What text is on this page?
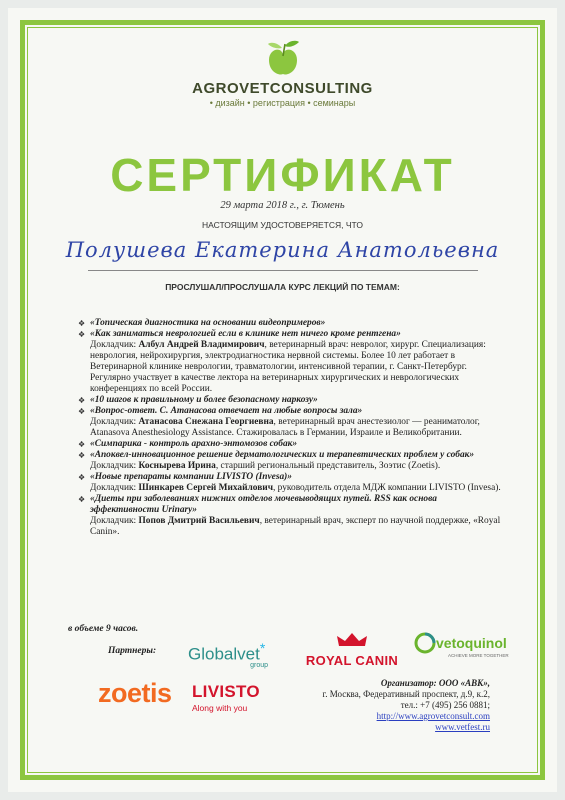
AGROVETCONSULTING
• дизайн • регистрация • семинары
СЕРТИФИКАТ
29 марта 2018 г., г. Тюмень
НАСТОЯЩИМ УДОСТОВЕРЯЕТСЯ, ЧТО
Полушева Екатерина Анатольевна
ПРОСЛУШАЛ/ПРОСЛУШАЛА КУРС ЛЕКЦИЙ ПО ТЕМАМ:
❖ «Топическая диагностика на основании видеопримеров»
❖ «Как заниматься неврологией если в клинике нет ничего кроме рентгена»
Докладчик: Албул Андрей Владимирович, ветеринарный врач: невролог, хирург. Специализация: неврология, нейрохирургия, электродиагностика нервной системы. Более 10 лет работает в Ветеринарной клинике неврологии, травматологии, интенсивной терапии, г. Санкт-Петербург. Регулярно участвует в качестве лектора на ветеринарных хирургических и неврологических конференциях по всей России.
❖ «10 шагов к правильному и более безопасному наркозу»
❖ «Вопрос-ответ. С. Атанасова отвечает на любые вопросы зала»
Докладчик: Атанасова Снежана Георгиевна, ветеринарный врач анестезиолог — реаниматолог, Atanasova Anesthesiology Assistance. Стажировалась в Германии, Израиле и Великобритании.
❖ «Симпарика - контроль арахно-энтомозов собак»
❖ «Апоквел-инновационное решение дерматологических и терапевтических проблем у собак»
Докладчик: Коснырева Ирина, старший региональный представитель, Зоэтис (Zoetis).
❖ «Новые препараты компании LIVISTO (Invesa)»
Докладчик: Шинкарев Сергей Михайлович, руководитель отдела МДЖ компании LIVISTO (Invesa).
❖ «Диеты при заболеваниях нижних отделов мочевыводящих путей. RSS как основа эффективности Urinary»
Докладчик: Попов Дмитрий Васильевич, ветеринарный врач, эксперт по научной поддержке, «Royal Canin».
в объеме 9 часов.
Партнеры: Globalvet*
group	ROYAL CANIN
vetoquinol
ACHIEVE MORE TOGETHER
zoetis LIVISTO
Along with you
Организатор: ООО «АВК»,
г. Москва, Федеративный проспект, д.9, к.2,
тел.: +7 (495) 256 0881;
http://www.agrovetconsult.com
www.vetfest.ru
